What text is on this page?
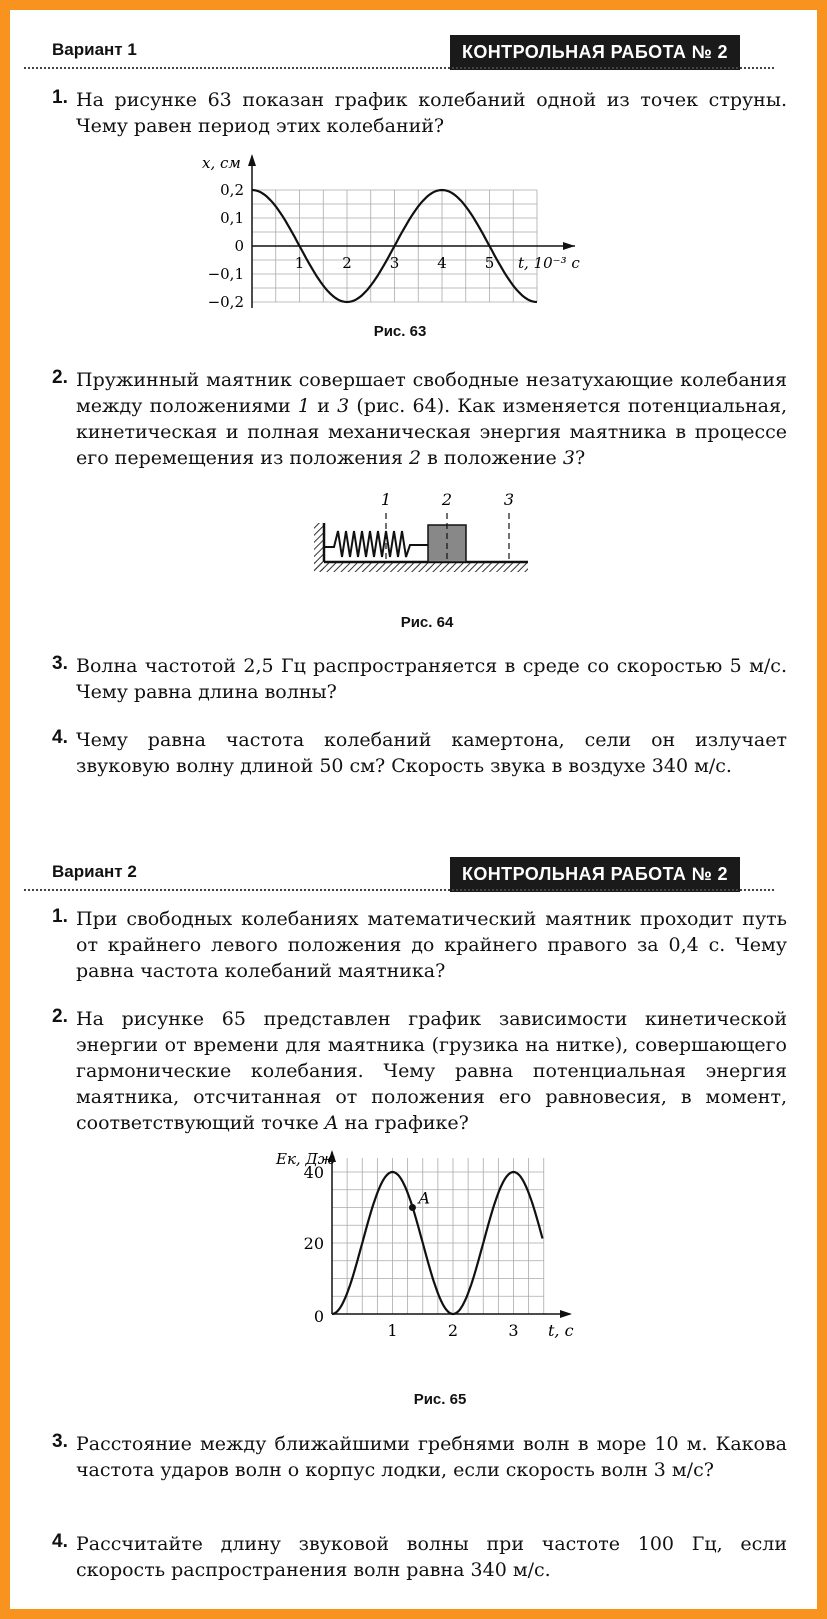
Вариант 1	КОНТРОЛЬНАЯ РАБОТА № 2
1. На рисунке 63 показан график колебаний одной из точек струны. Чему равен период этих колебаний?
0,2
0,1
0
−0,1
−0,2
1	2	3	4	5
x, см
t, 10⁻³ с
Рис. 63
2. Пружинный маятник совершает свободные незатухающие колебания между положениями 1 и 3 (рис. 64). Как изменяется потенциальная, кинетическая и полная механическая энергия маятника в процессе его перемещения из положения 2 в положение 3?
1	2	3
Рис. 64
3. Волна частотой 2,5 Гц распространяется в среде со скоростью 5 м/с. Чему равна длина волны?
4. Чему равна частота колебаний камертона, сели он излучает звуковую волну длиной 50 см? Скорость звука в воздухе 340 м/с.
Вариант 2	КОНТРОЛЬНАЯ РАБОТА № 2
1. При свободных колебаниях математический маятник проходит путь от крайнего левого положения до крайнего правого за 0,4 с. Чему равна частота колебаний маятника?
2. На рисунке 65 представлен график зависимости кинетической энергии от времени для маятника (грузика на нитке), совершающего гармонические колебания. Чему равна потенциальная энергия маятника, отсчитанная от положения его равновесия, в момент, соответствующий точке A на графике?
40
20
0
1	2	3
Eк, Дж
t, с
A
Рис. 65
3. Расстояние между ближайшими гребнями волн в море 10 м. Какова частота ударов волн о корпус лодки, если скорость волн 3 м/с?
4. Рассчитайте длину звуковой волны при частоте 100 Гц, если скорость распространения волн равна 340 м/с.
